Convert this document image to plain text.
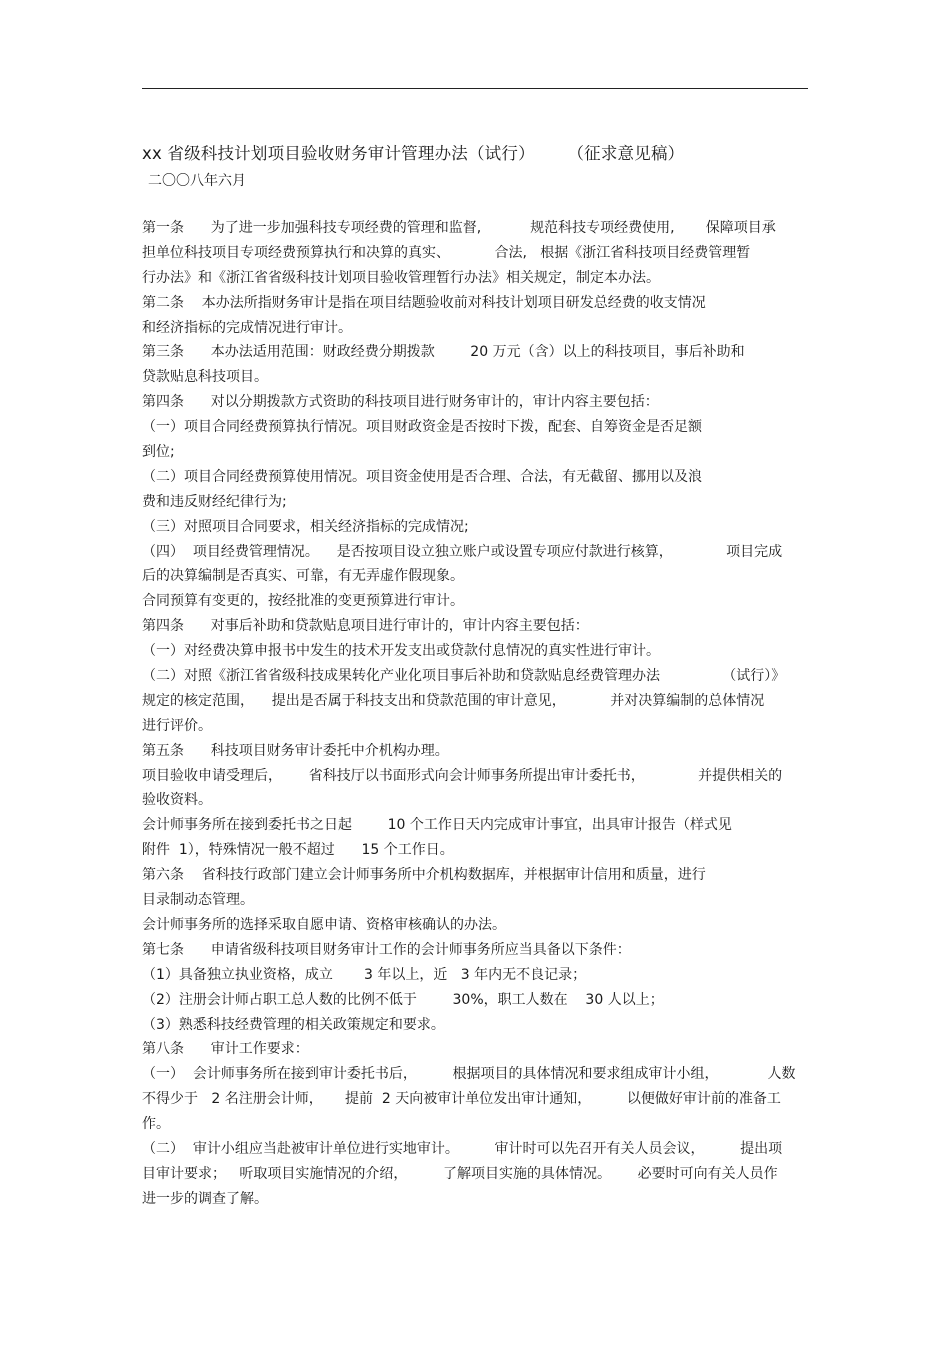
xx 省级科技计划项目验收财务审计管理办法（试行）      （征求意见稿）
二〇〇八年六月
第一条      为了进一步加强科技专项经费的管理和监督,           规范科技专项经费使用,       保障项目承
担单位科技项目专项经费预算执行和决算的真实、          合法,   根据《浙江省科技项目经费管理暂
行办法》和《浙江省省级科技计划项目验收管理暂行办法》相关规定，制定本办法。
第二条    本办法所指财务审计是指在项目结题验收前对科技计划项目研发总经费的收支情况
和经济指标的完成情况进行审计。
第三条      本办法适用范围：财政经费分期拨款        20 万元（含）以上的科技项目，事后补助和
贷款贴息科技项目。
第四条      对以分期拨款方式资助的科技项目进行财务审计的，审计内容主要包括：
（一）项目合同经费预算执行情况。项目财政资金是否按时下拨，配套、自筹资金是否足额
到位;
（二）项目合同经费预算使用情况。项目资金使用是否合理、合法，有无截留、挪用以及浪
费和违反财经纪律行为;
（三）对照项目合同要求，相关经济指标的完成情况;
（四）  项目经费管理情况。    是否按项目设立独立账户或设置专项应付款进行核算，            项目完成
后的决算编制是否真实、可靠，有无弄虚作假现象。
合同预算有变更的，按经批准的变更预算进行审计。
第四条      对事后补助和贷款贴息项目进行审计的，审计内容主要包括：
（一）对经费决算申报书中发生的技术开发支出或贷款付息情况的真实性进行审计。
（二）对照《浙江省省级科技成果转化产业化项目事后补助和贷款贴息经费管理办法              （试行）》
规定的核定范围，    提出是否属于科技支出和贷款范围的审计意见，          并对决算编制的总体情况
进行评价。
第五条      科技项目财务审计委托中介机构办理。
项目验收申请受理后，      省科技厅以书面形式向会计师事务所提出审计委托书，            并提供相关的
验收资料。
会计师事务所在接到委托书之日起        10 个工作日天内完成审计事宜，出具审计报告（样式见
附件  1），特殊情况一般不超过      15 个工作日。
第六条    省科技行政部门建立会计师事务所中介机构数据库，并根据审计信用和质量，进行
目录制动态管理。
会计师事务所的选择采取自愿申请、资格审核确认的办法。
第七条      申请省级科技项目财务审计工作的会计师事务所应当具备以下条件：
（1）具备独立执业资格，成立       3 年以上，近   3 年内无不良记录；
（2）注册会计师占职工总人数的比例不低于        30%，职工人数在    30 人以上；
（3）熟悉科技经费管理的相关政策规定和要求。
第八条      审计工作要求：
（一）  会计师事务所在接到审计委托书后，        根据项目的具体情况和要求组成审计小组，           人数
不得少于   2 名注册会计师，     提前  2 天向被审计单位发出审计通知，        以便做好审计前的准备工
作。
（二）  审计小组应当赴被审计单位进行实地审计。        审计时可以先召开有关人员会议，        提出项
目审计要求；   听取项目实施情况的介绍，        了解项目实施的具体情况。      必要时可向有关人员作
进一步的调查了解。
